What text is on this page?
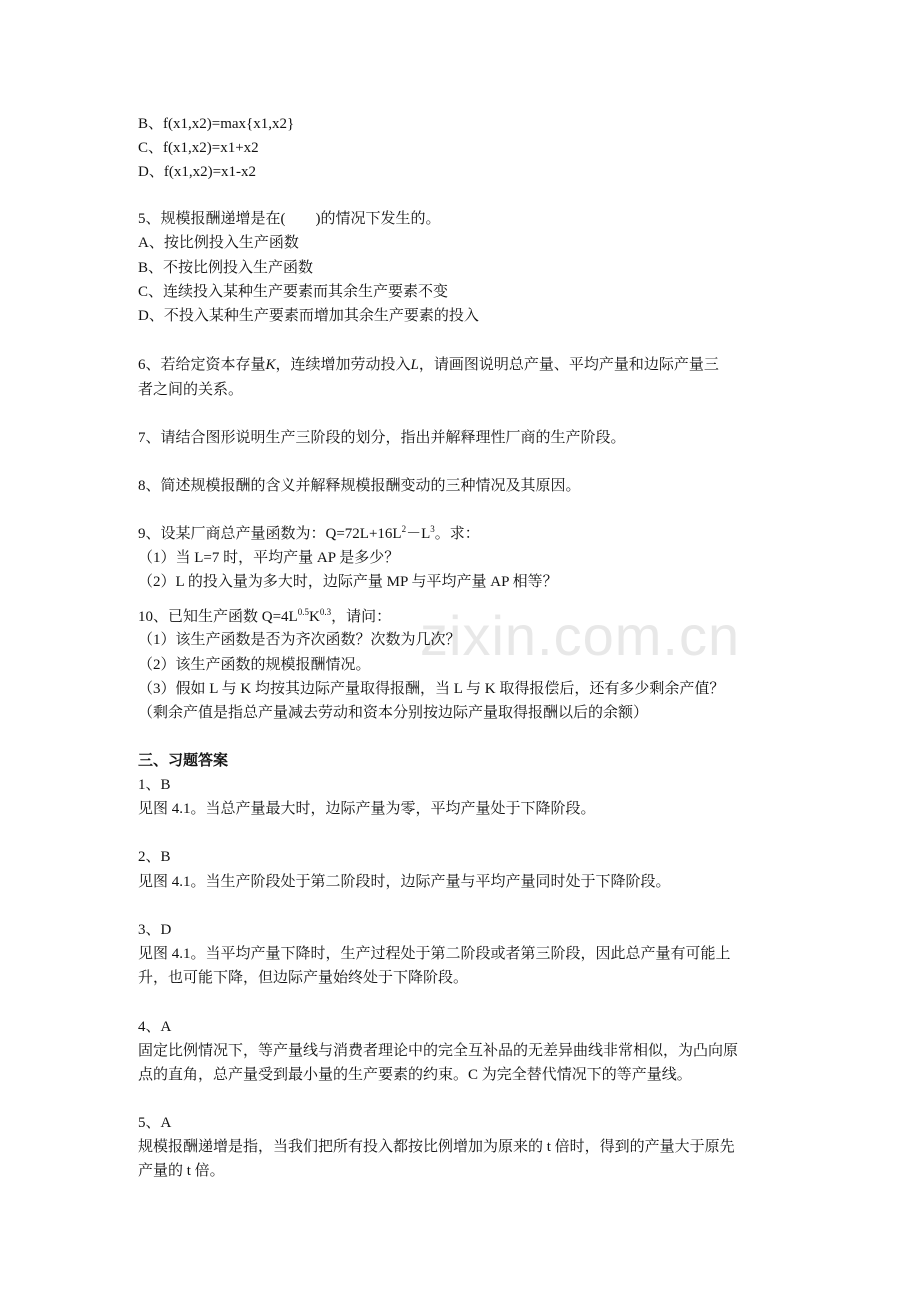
zixin.com.cn
B、f(x1,x2)=max{x1,x2}
C、f(x1,x2)=x1+x2
D、f(x1,x2)=x1-x2
5、规模报酬递增是在(　　)的情况下发生的。
A、按比例投入生产函数
B、不按比例投入生产函数
C、连续投入某种生产要素而其余生产要素不变
D、不投入某种生产要素而增加其余生产要素的投入
6、若给定资本存量K，连续增加劳动投入L，请画图说明总产量、平均产量和边际产量三
者之间的关系。
7、请结合图形说明生产三阶段的划分，指出并解释理性厂商的生产阶段。
8、简述规模报酬的含义并解释规模报酬变动的三种情况及其原因。
9、设某厂商总产量函数为：$Q=72L+16L^2-L^3$。求：
（1）当 L=7 时，平均产量 AP 是多少？
（2）L 的投入量为多大时，边际产量 MP 与平均产量 AP 相等？
10、已知生产函数 $Q=4L^{0.5}K^{0.3}$，请问：
（1）该生产函数是否为齐次函数？次数为几次？
（2）该生产函数的规模报酬情况。
（3）假如 L 与 K 均按其边际产量取得报酬，当 L 与 K 取得报偿后，还有多少剩余产值？
（剩余产值是指总产量减去劳动和资本分别按边际产量取得报酬以后的余额）
三、习题答案
1、B
见图 4.1。当总产量最大时，边际产量为零，平均产量处于下降阶段。
2、B
见图 4.1。当生产阶段处于第二阶段时，边际产量与平均产量同时处于下降阶段。
3、D
见图 4.1。当平均产量下降时，生产过程处于第二阶段或者第三阶段，因此总产量有可能上
升，也可能下降，但边际产量始终处于下降阶段。
4、A
固定比例情况下，等产量线与消费者理论中的完全互补品的无差异曲线非常相似，为凸向原
点的直角，总产量受到最小量的生产要素的约束。C 为完全替代情况下的等产量线。
5、A
规模报酬递增是指，当我们把所有投入都按比例增加为原来的 t 倍时，得到的产量大于原先
产量的 t 倍。
